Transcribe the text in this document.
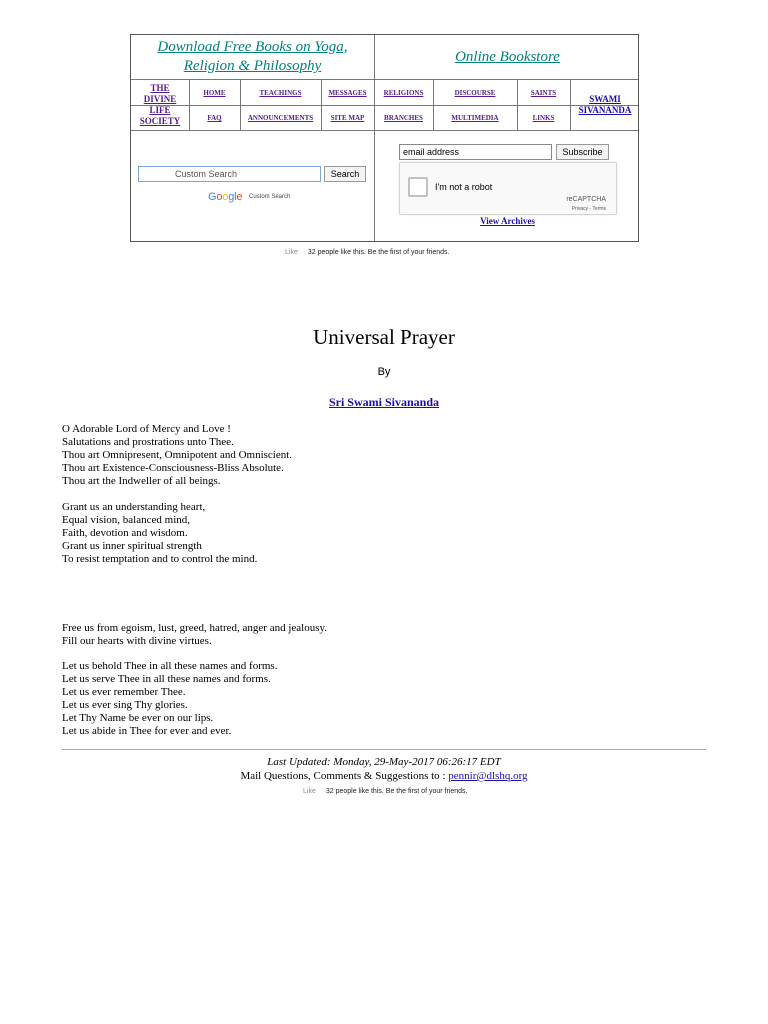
Download Free Books on Yoga,
Religion & Philosophy
Online Bookstore
THE
DIVINE
LIFE
SOCIETY
HOME	TEACHINGS	MESSAGES	RELIGIONS	DISCOURSE	SAINTS
FAQ	ANNOUNCEMENTS	SITE MAP	BRANCHES	MULTIMEDIA	LINKS
SWAMI
SIVANANDA
Custom Search	Search
Google Custom Search
email address	Subscribe
I'm not a robot
reCAPTCHA
Privacy - Terms
View Archives
Like 32 people like this. Be the first of your friends.
Universal Prayer
By
Sri Swami Sivananda
O Adorable Lord of Mercy and Love !
Salutations and prostrations unto Thee.
Thou art Omnipresent, Omnipotent and Omniscient.
Thou art Existence-Consciousness-Bliss Absolute.
Thou art the Indweller of all beings.
Grant us an understanding heart,
Equal vision, balanced mind,
Faith, devotion and wisdom.
Grant us inner spiritual strength
To resist temptation and to control the mind.
Free us from egoism, lust, greed, hatred, anger and jealousy.
Fill our hearts with divine virtues.
Let us behold Thee in all these names and forms.
Let us serve Thee in all these names and forms.
Let us ever remember Thee.
Let us ever sing Thy glories.
Let Thy Name be ever on our lips.
Let us abide in Thee for ever and ever.
Last Updated: Monday, 29-May-2017 06:26:17 EDT
Mail Questions, Comments & Suggestions to : pennir@dlshq.org
Like 32 people like this. Be the first of your friends.
